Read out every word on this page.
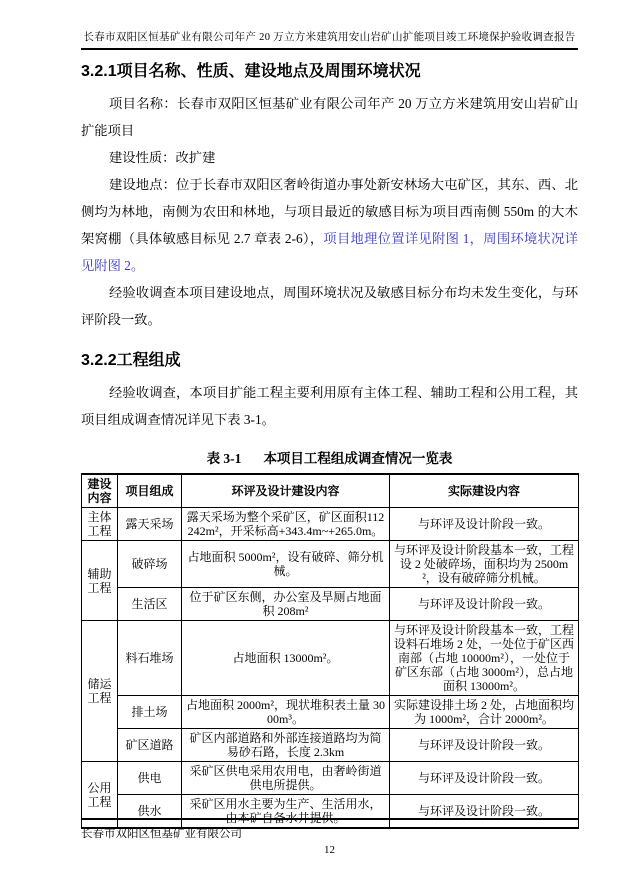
长春市双阳区恒基矿业有限公司年产 20 万立方米建筑用安山岩矿山扩能项目竣工环境保护验收调查报告
3.2.1项目名称、性质、建设地点及周围环境状况

项目名称：长春市双阳区恒基矿业有限公司年产 20 万立方米建筑用安山岩矿山扩能项目

建设性质：改扩建

建设地点：位于长春市双阳区奢岭街道办事处新安林场大屯矿区，其东、西、北侧均为林地，南侧为农田和林地，与项目最近的敏感目标为项目西南侧 550m 的大木架窝棚（具体敏感目标见 2.7 章表 2-6），项目地理位置详见附图 1，周围环境状况详见附图 2。

经验收调查本项目建设地点，周围环境状况及敏感目标分布均未发生变化，与环评阶段一致。

3.2.2工程组成

经验收调查，本项目扩能工程主要利用原有主体工程、辅助工程和公用工程，其项目组成调查情况详见下表 3-1。

表 3-1 本项目工程组成调查情况一览表
建设内容	项目组成	环评及设计建设内容	实际建设内容
主体工程	露天采场	露天采场为整个采矿区，矿区面积112242m²，开采标高+343.4m~+265.0m。	与环评及设计阶段一致。
辅助工程	破碎场	占地面积 5000m²，设有破碎、筛分机械。	与环评及设计阶段基本一致，工程设 2 处破碎场，面积均为 2500m²，设有破碎筛分机械。
	生活区	位于矿区东侧，办公室及旱厕占地面积 208m²	与环评及设计阶段一致。
储运工程	料石堆场	占地面积 13000m²。	与环评及设计阶段基本一致，工程设料石堆场 2 处，一处位于矿区西南部（占地 10000m²），一处位于矿区东部（占地 3000m²），总占地面积 13000m²。
	排土场	占地面积 2000m²，现状堆积表土量 3000m³。	实际建设排土场 2 处，占地面积均为 1000m²，合计 2000m²。
	矿区道路	矿区内部道路和外部连接道路均为简易砂石路，长度 2.3km	与环评及设计阶段一致。
公用工程	供电	采矿区供电采用农用电，由奢岭街道供电所提供。	与环评及设计阶段一致。
	供水	采矿区用水主要为生产、生活用水，由本矿自备水井提供。	与环评及设计阶段一致。
长春市双阳区恒基矿业有限公司
12
